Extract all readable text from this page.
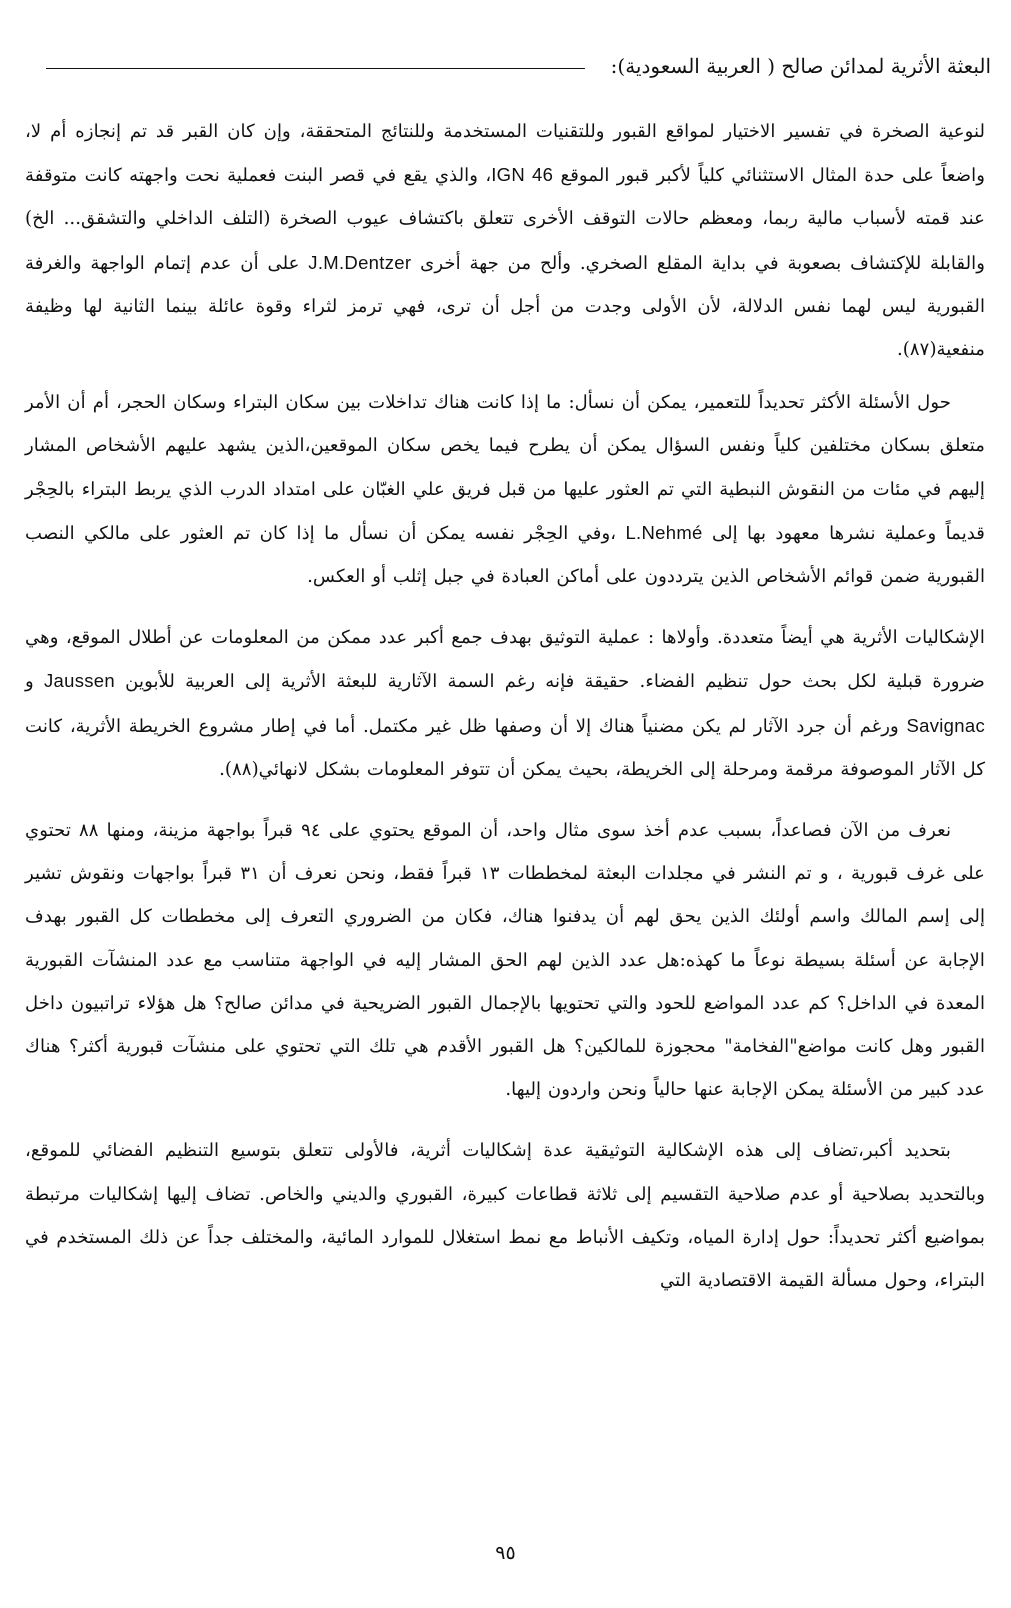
البعثة الأثرية لمدائن صالح ( العربية السعودية):

لنوعية الصخرة في تفسير الاختيار لمواقع القبور وللتقنيات المستخدمة وللنتائج المتحققة، وإن كان القبر قد تم إنجازه أم لا، واضعاً على حدة المثال الاستثنائي كلياً لأكبر قبور الموقع IGN 46، والذي يقع في قصر البنت فعملية نحت واجهته كانت متوقفة عند قمته لأسباب مالية ربما، ومعظم حالات التوقف الأخرى تتعلق باكتشاف عيوب الصخرة (التلف الداخلي والتشقق... الخ) والقابلة للإكتشاف بصعوبة في بداية المقلع الصخري. وألح من جهة أخرى J.M.Dentzer على أن عدم إتمام الواجهة والغرفة القبورية ليس لهما نفس الدلالة، لأن الأولى وجدت من أجل أن ترى، فهي ترمز لثراء وقوة عائلة بينما الثانية لها وظيفة منفعية(٨٧).

حول الأسئلة الأكثر تحديداً للتعمير، يمكن أن نسأل: ما إذا كانت هناك تداخلات بين سكان البتراء وسكان الحجر، أم أن الأمر متعلق بسكان مختلفين كلياً ونفس السؤال يمكن أن يطرح فيما يخص سكان الموقعين،الذين يشهد عليهم الأشخاص المشار إليهم في مئات من النقوش النبطية التي تم العثور عليها من قبل فريق علي الغبّان على امتداد الدرب الذي يربط البتراء بالحِجْر قديماً وعملية نشرها معهود بها إلى L.Nehmé ،وفي الحِجْر نفسه يمكن أن نسأل ما إذا كان تم العثور على مالكي النصب القبورية ضمن قوائم الأشخاص الذين يترددون على أماكن العبادة في جبل إثلب أو العكس.

الإشكاليات الأثرية هي أيضاً متعددة. وأولاها : عملية التوثيق بهدف جمع أكبر عدد ممكن من المعلومات عن أطلال الموقع، وهي ضرورة قبلية لكل بحث حول تنظيم الفضاء. حقيقة فإنه رغم السمة الآثارية للبعثة الأثرية إلى العربية للأبوين Jaussen و Savignac ورغم أن جرد الآثار لم يكن مضنياً هناك إلا أن وصفها ظل غير مكتمل. أما في إطار مشروع الخريطة الأثرية، كانت كل الآثار الموصوفة مرقمة ومرحلة إلى الخريطة، بحيث يمكن أن تتوفر المعلومات بشكل لانهائي(٨٨).

نعرف من الآن فصاعداً، بسبب عدم أخذ سوى مثال واحد، أن الموقع يحتوي على ٩٤ قبراً بواجهة مزينة، ومنها ٨٨ تحتوي على غرف قبورية ، و تم النشر في مجلدات البعثة لمخططات ١٣ قبراً فقط، ونحن نعرف أن ٣١ قبراً بواجهات ونقوش تشير إلى إسم المالك واسم أولئك الذين يحق لهم أن يدفنوا هناك، فكان من الضروري التعرف إلى مخططات كل القبور بهدف الإجابة عن أسئلة بسيطة نوعاً ما كهذه:هل عدد الذين لهم الحق المشار إليه في الواجهة متناسب مع عدد المنشآت القبورية المعدة في الداخل؟ كم عدد المواضع للحود والتي تحتويها بالإجمال القبور الضريحية في مدائن صالح؟ هل هؤلاء تراتبيون داخل القبور وهل كانت مواضع"الفخامة" محجوزة للمالكين؟ هل القبور الأقدم هي تلك التي تحتوي على منشآت قبورية أكثر؟ هناك عدد كبير من الأسئلة يمكن الإجابة عنها حالياً ونحن واردون إليها.

بتحديد أكبر،تضاف إلى هذه الإشكالية التوثيقية عدة إشكاليات أثرية، فالأولى تتعلق بتوسيع التنظيم الفضائي للموقع، وبالتحديد بصلاحية أو عدم صلاحية التقسيم إلى ثلاثة قطاعات كبيرة، القبوري والديني والخاص. تضاف إليها إشكاليات مرتبطة بمواضيع أكثر تحديداً: حول إدارة المياه، وتكيف الأنباط مع نمط استغلال للموارد المائية، والمختلف جداً عن ذلك المستخدم في البتراء، وحول مسألة القيمة الاقتصادية التي

٩٥
